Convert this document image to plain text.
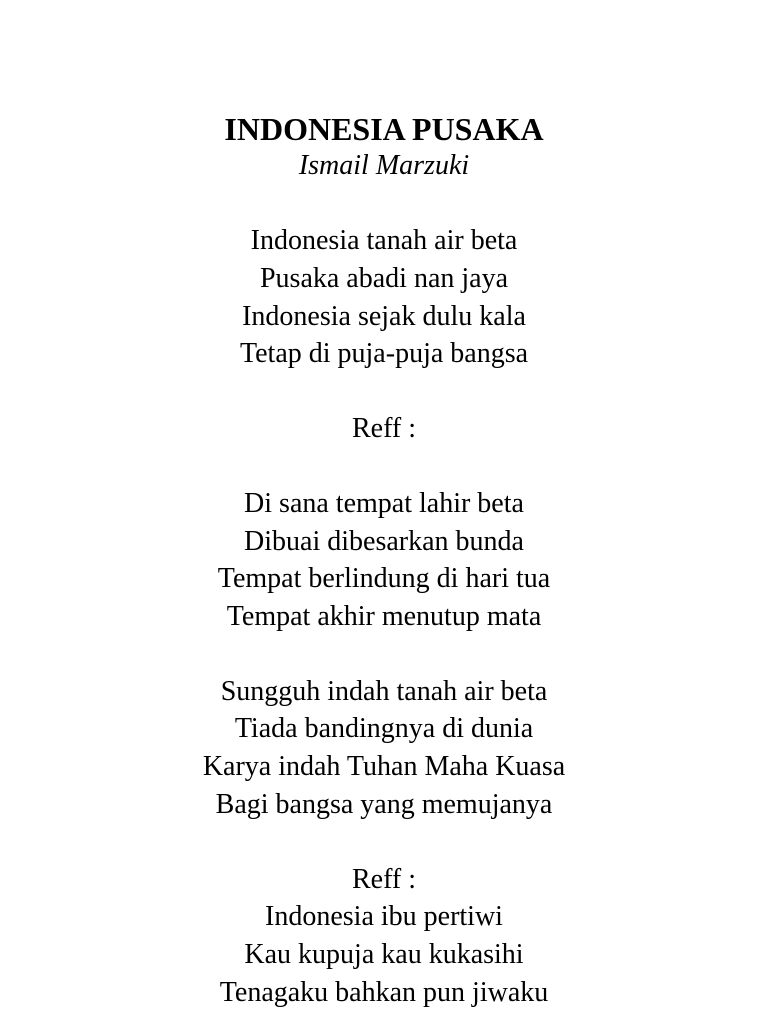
INDONESIA PUSAKA
Ismail Marzuki
Indonesia tanah air beta
Pusaka abadi nan jaya
Indonesia sejak dulu kala
Tetap di puja-puja bangsa
Reff :
Di sana tempat lahir beta
Dibuai dibesarkan bunda
Tempat berlindung di hari tua
Tempat akhir menutup mata
Sungguh indah tanah air beta
Tiada bandingnya di dunia
Karya indah Tuhan Maha Kuasa
Bagi bangsa yang memujanya
Reff :
Indonesia ibu pertiwi
Kau kupuja kau kukasihi
Tenagaku bahkan pun jiwaku
